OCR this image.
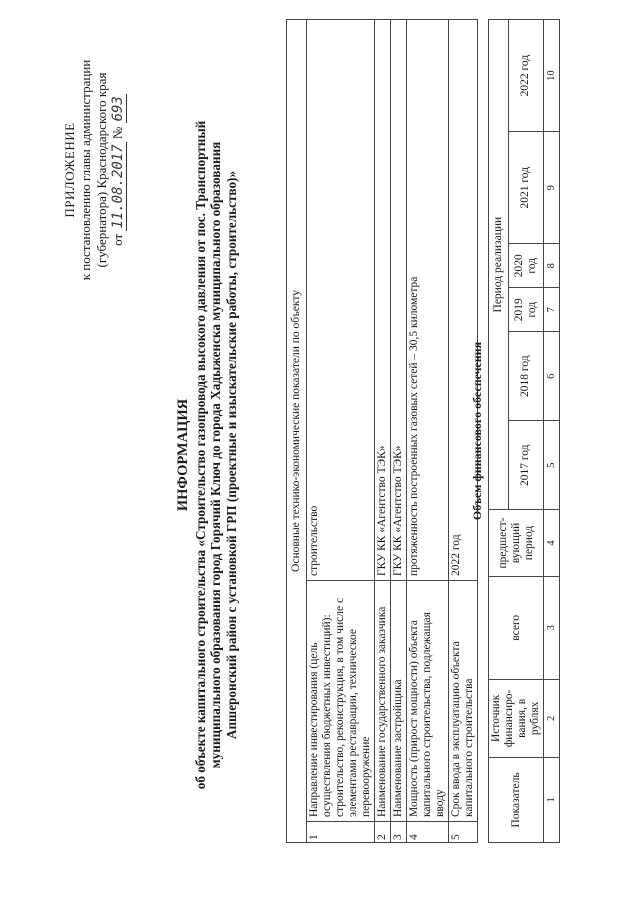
ПРИЛОЖЕНИЕ к постановлению главы администрации (губернатора) Краснодарского края от 11.08.2017 № 693
ИНФОРМАЦИЯ об объекте капитального строительства «Строительство газопровода высокого давления от пос. Транспортный муниципального образования город Горячий Ключ до города Хадыженска муниципального образования Апшеронский район с установкой ГРП (проектные и изыскательские работы, строительство)»	Основные технико-экономические показатели по объекту		
1	Направление инвестирования (цель осуществления бюджетных инвестиций): строительство, реконструкция, в том числе с элементами реставрации, техническое перевооружение	строительство
2	Наименование государственного заказчика	ГКУ КК «Агентство ТЭК»
3	Наименование застройщика	ГКУ КК «Агентство ТЭК»
4	Мощность (прирост мощности) объекта капитального строительства, подлежащая вводу	протяженность построенных газовых сетей – 30,5 километра
5	Срок ввода в эксплуатацию объекта капитального строительства	2022 год
Объем финансового обеспечения
Показатель	Источник финансиро-вания, в рублях	всего	предшест-вующий период	Период реализации					
				2017 год	2018 год	2019 год	2020 год	2021 год	2022 год
1	2	3	4	5	6	7	8	9	10
